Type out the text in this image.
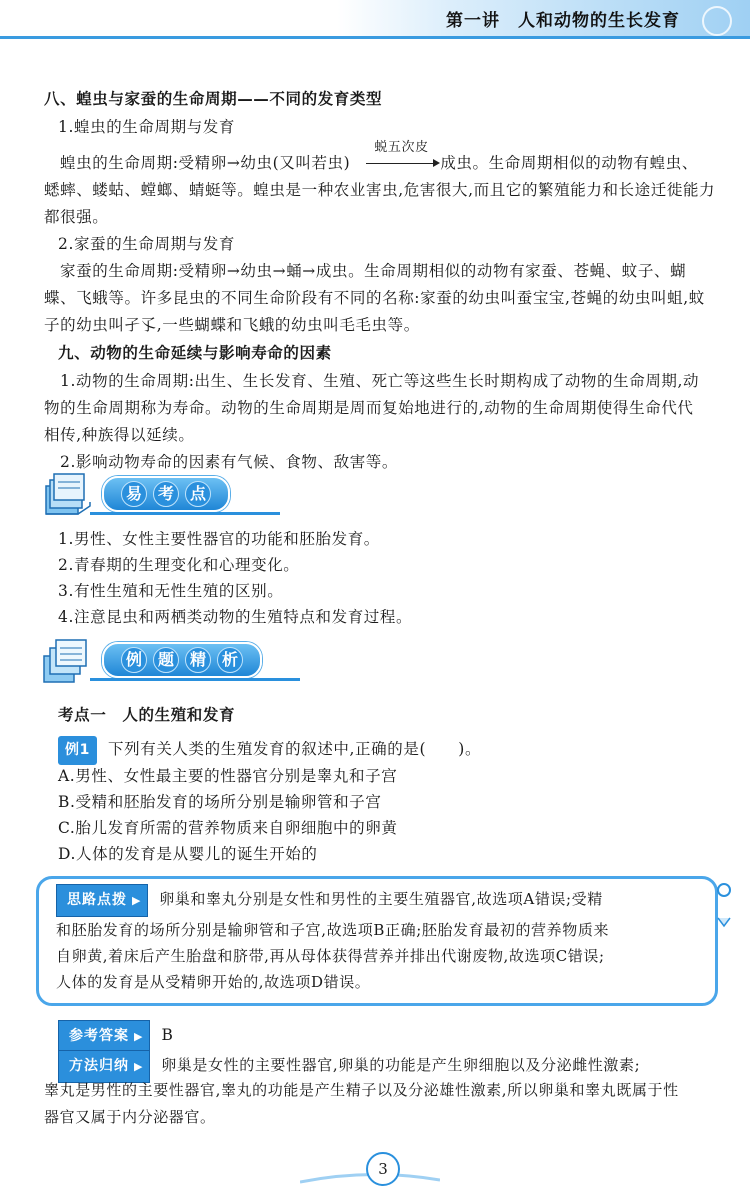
第一讲　人和动物的生长发育
八、蝗虫与家蚕的生命周期——不同的发育类型
1.蝗虫的生命周期与发育
蝗虫的生命周期:受精卵→幼虫(又叫若虫)
蜕五次皮
成虫。生命周期相似的动物有蝗虫、
蟋蟀、蝼蛄、螳螂、蜻蜓等。蝗虫是一种农业害虫,危害很大,而且它的繁殖能力和长途迁徙能力
都很强。
2.家蚕的生命周期与发育
家蚕的生命周期:受精卵→幼虫→蛹→成虫。生命周期相似的动物有家蚕、苍蝇、蚊子、蝴
蝶、飞蛾等。许多昆虫的不同生命阶段有不同的名称:家蚕的幼虫叫蚕宝宝,苍蝇的幼虫叫蛆,蚊
子的幼虫叫孑孓,一些蝴蝶和飞蛾的幼虫叫毛毛虫等。
九、动物的生命延续与影响寿命的因素
1.动物的生命周期:出生、生长发育、生殖、死亡等这些生长时期构成了动物的生命周期,动
物的生命周期称为寿命。动物的生命周期是周而复始地进行的,动物的生命周期使得生命代代
相传,种族得以延续。
2.影响动物寿命的因素有气候、食物、敌害等。
易 考 点
1.男性、女性主要性器官的功能和胚胎发育。
2.青春期的生理变化和心理变化。
3.有性生殖和无性生殖的区别。
4.注意昆虫和两栖类动物的生殖特点和发育过程。
例 题 精 析
考点一　人的生殖和发育
例1 下列有关人类的生殖发育的叙述中,正确的是(　　)。
A.男性、女性最主要的性器官分别是睾丸和子宫
B.受精和胚胎发育的场所分别是输卵管和子宫
C.胎儿发育所需的营养物质来自卵细胞中的卵黄
D.人体的发育是从婴儿的诞生开始的
思路点拨 ▶ 卵巢和睾丸分别是女性和男性的主要生殖器官,故选项A错误;受精
和胚胎发育的场所分别是输卵管和子宫,故选项B正确;胚胎发育最初的营养物质来
自卵黄,着床后产生胎盘和脐带,再从母体获得营养并排出代谢废物,故选项C错误;
人体的发育是从受精卵开始的,故选项D错误。
参考答案 ▶ B
方法归纳 ▶ 卵巢是女性的主要性器官,卵巢的功能是产生卵细胞以及分泌雌性激素;
睾丸是男性的主要性器官,睾丸的功能是产生精子以及分泌雄性激素,所以卵巢和睾丸既属于性
器官又属于内分泌器官。
3
